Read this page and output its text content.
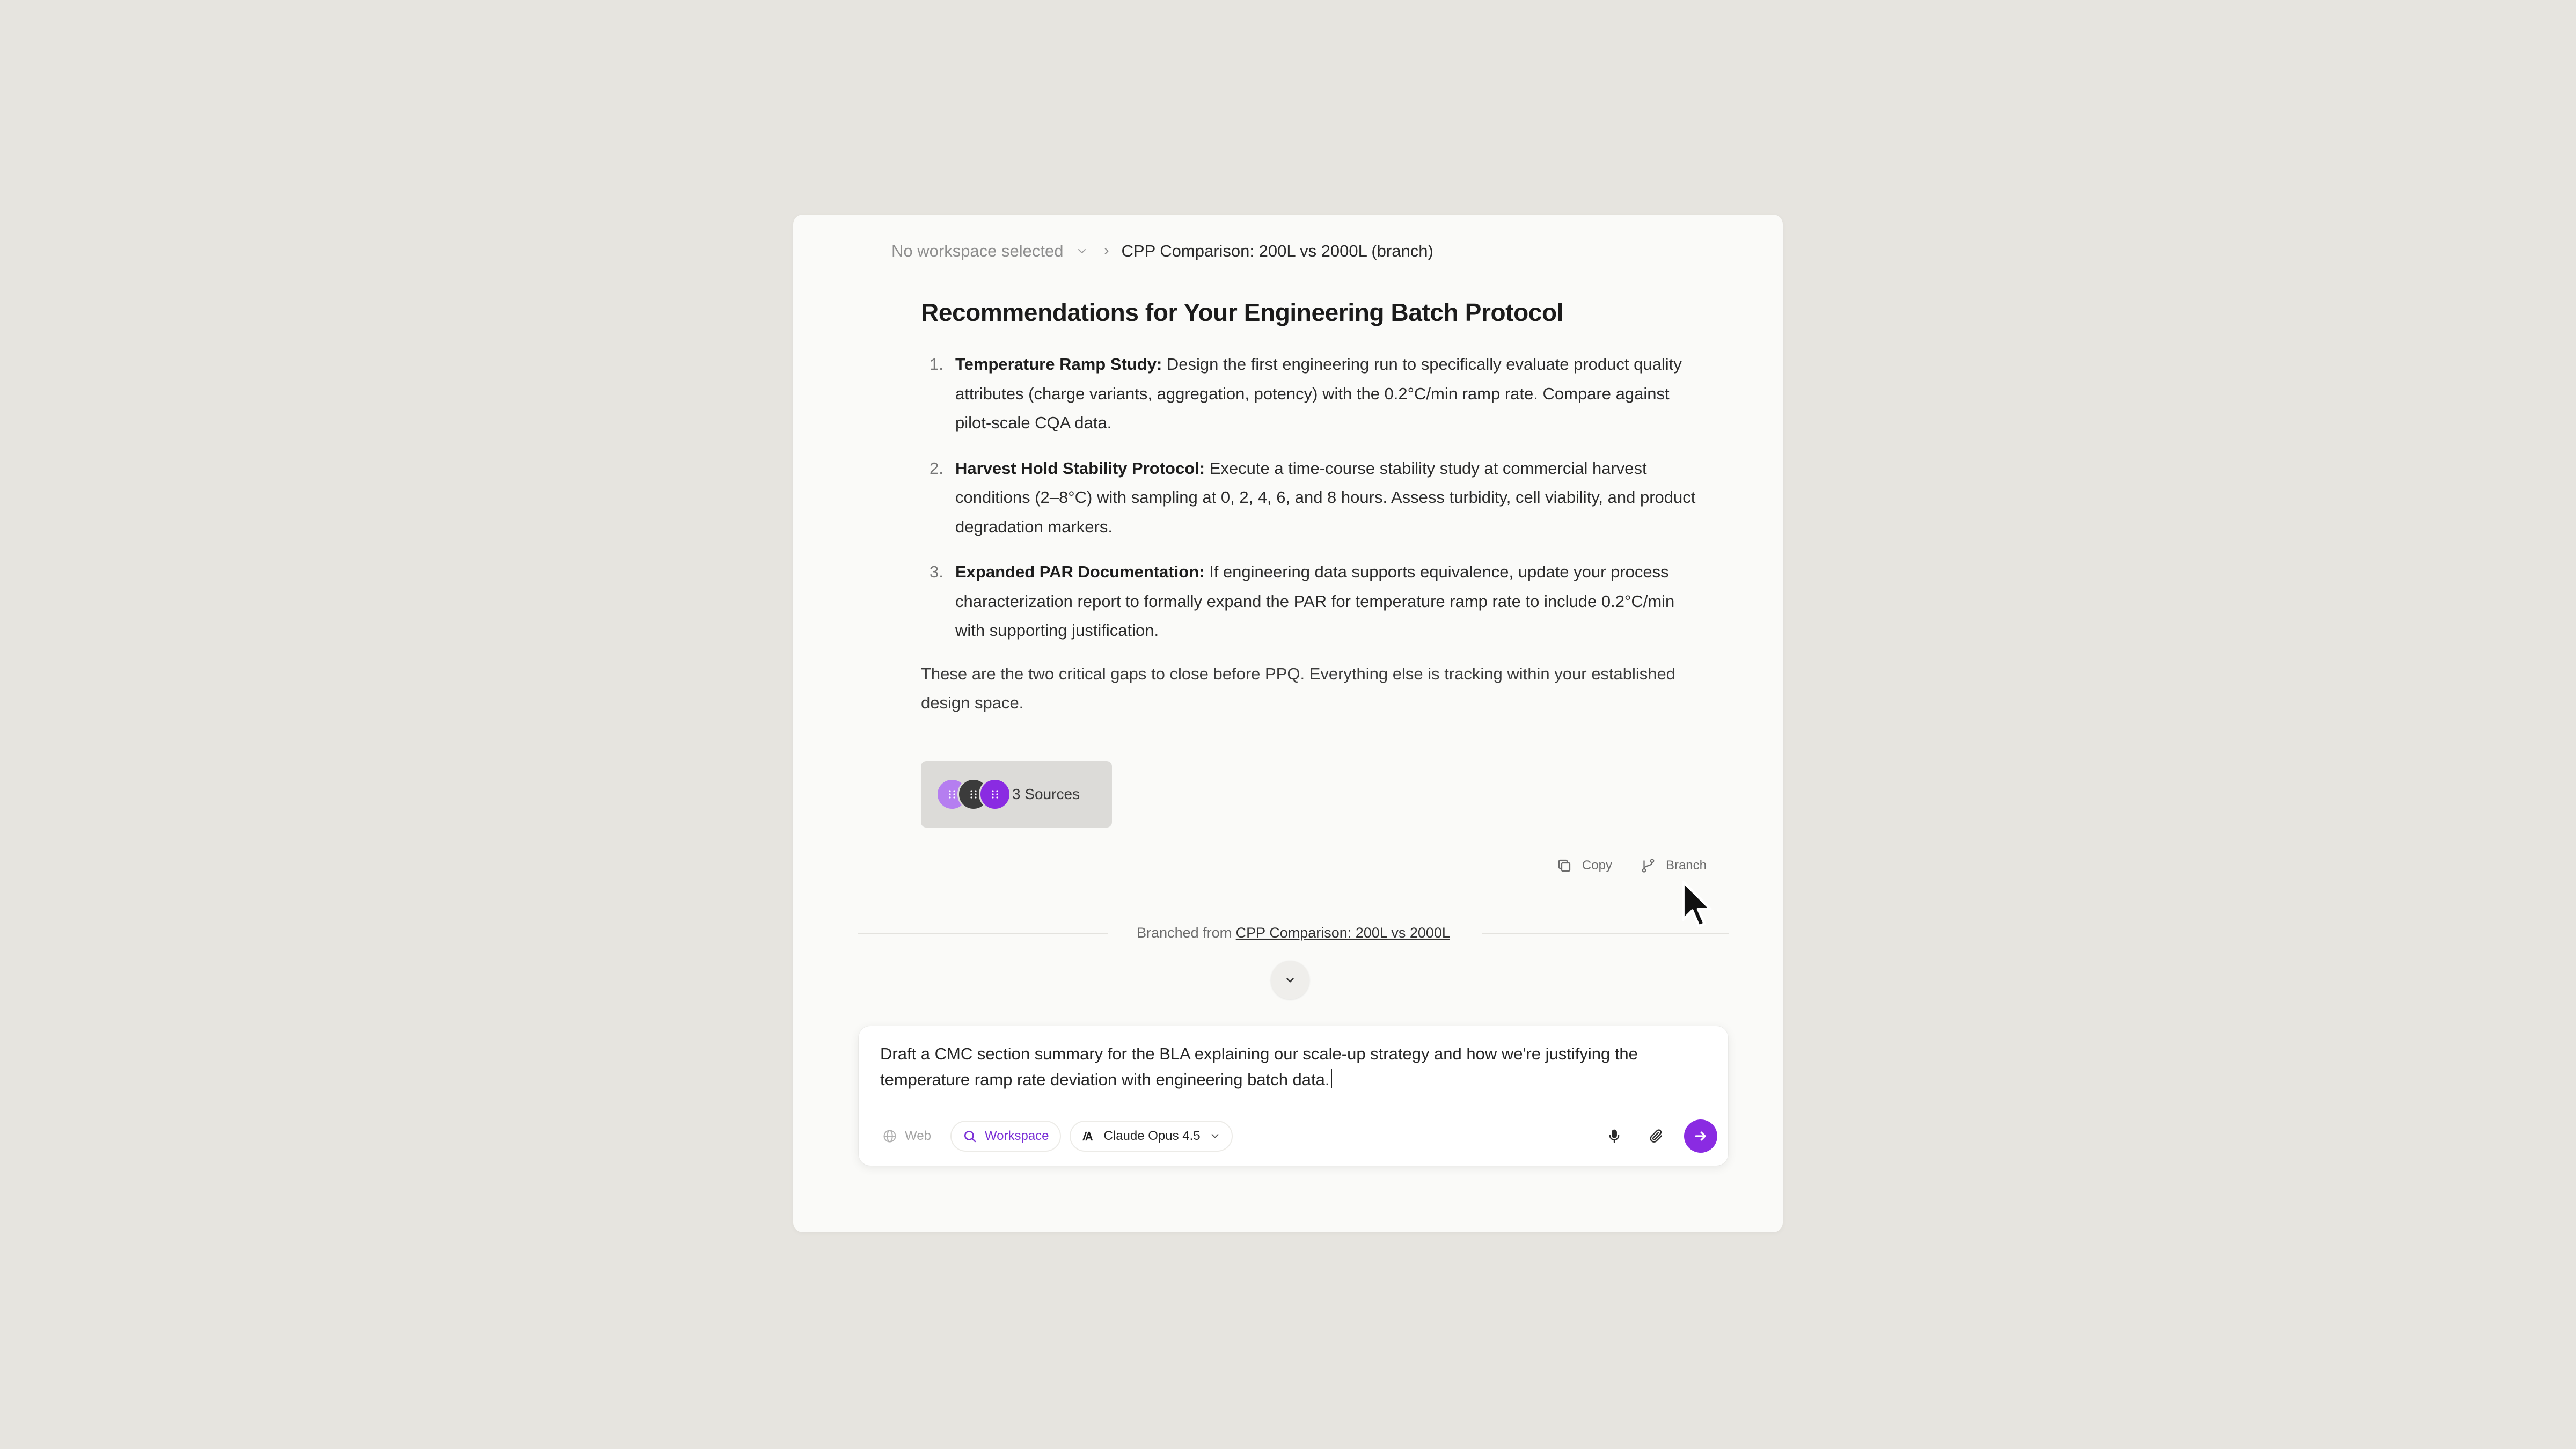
No workspace selected	CPP Comparison: 200L vs 2000L (branch)
Recommendations for Your Engineering Batch Protocol
1. Temperature Ramp Study: Design the first engineering run to specifically evaluate product quality attributes (charge variants, aggregation, potency) with the 0.2°C/min ramp rate. Compare against pilot-scale CQA data.
2. Harvest Hold Stability Protocol: Execute a time-course stability study at commercial harvest conditions (2–8°C) with sampling at 0, 2, 4, 6, and 8 hours. Assess turbidity, cell viability, and product degradation markers.
3. Expanded PAR Documentation: If engineering data supports equivalence, update your process characterization report to formally expand the PAR for temperature ramp rate to include 0.2°C/min with supporting justification.
These are the two critical gaps to close before PPQ. Everything else is tracking within your established design space.
3 Sources
Copy	Branch
Branched from CPP Comparison: 200L vs 2000L
Draft a CMC section summary for the BLA explaining our scale-up strategy and how we're justifying the temperature ramp rate deviation with engineering batch data.
Web	Workspace	Claude Opus 4.5
